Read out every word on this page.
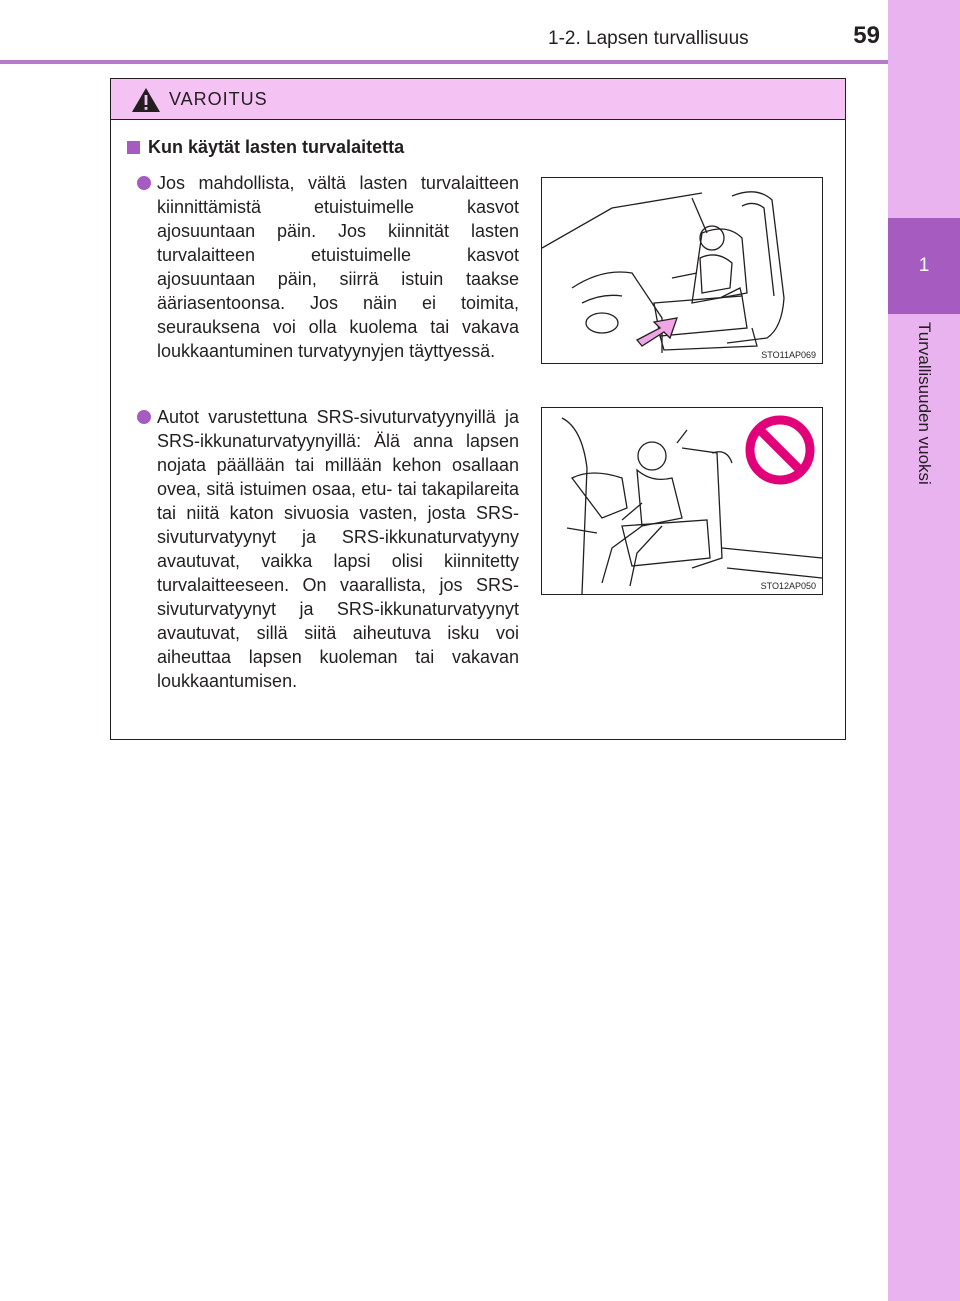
1-2. Lapsen turvallisuus	59
1
Turvallisuuden vuoksi
VAROITUS
Kun käytät lasten turvalaitetta

Jos mahdollista, vältä lasten turvalaitteen kiinnittämistä etuistuimelle kasvot ajosuuntaan päin. Jos kiinnität lasten turvalaitteen etuistuimelle kasvot ajosuuntaan päin, siirrä istuin taakse ääriasentoonsa. Jos näin ei toimita, seurauksena voi olla kuolema tai vakava loukkaantuminen turvatyynyjen täyttyessä.	STO11AP069

Autot varustettuna SRS-sivuturvatyynyillä ja SRS-ikkunaturvatyynyillä: Älä anna lapsen nojata päällään tai millään kehon osallaan ovea, sitä istuimen osaa, etu- tai takapilareita tai niitä katon sivuosia vasten, josta SRS-sivuturvatyynyt ja SRS-ikkunaturvatyyny avautuvat, vaikka lapsi olisi kiinnitetty turvalaitteeseen. On vaarallista, jos SRS-sivuturvatyynyt ja SRS-ikkunaturvatyynyt avautuvat, sillä siitä aiheutuva isku voi aiheuttaa lapsen kuoleman tai vakavan loukkaantumisen.

STO12AP050
